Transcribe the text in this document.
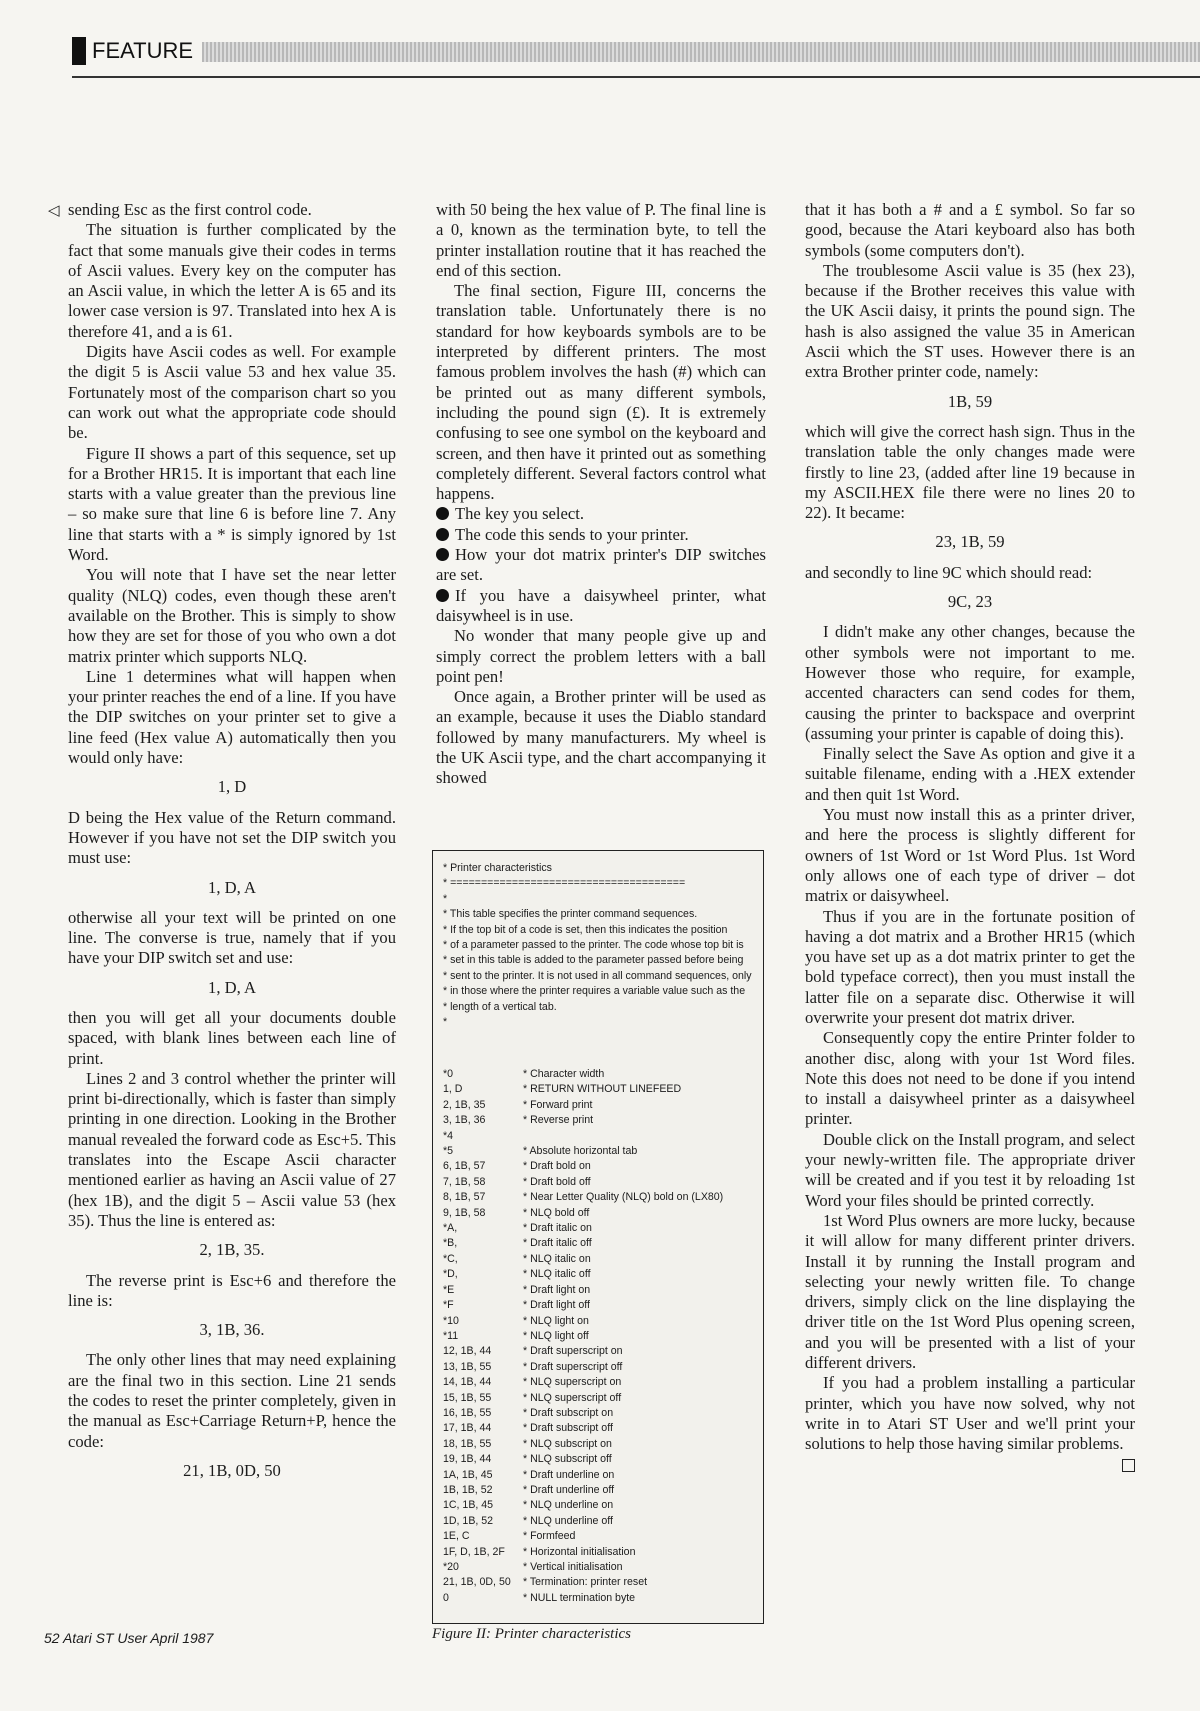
FEATURE

◁ sending Esc as the first control code.

The situation is further complicated by the fact that some manuals give their codes in terms of Ascii values. Every key on the computer has an Ascii value, in which the letter A is 65 and its lower case version is 97. Translated into hex A is therefore 41, and a is 61.

Digits have Ascii codes as well. For example the digit 5 is Ascii value 53 and hex value 35. Fortunately most of the comparison chart so you can work out what the appropriate code should be.

Figure II shows a part of this sequence, set up for a Brother HR15. It is important that each line starts with a value greater than the previous line – so make sure that line 6 is before line 7. Any line that starts with a * is simply ignored by 1st Word.

You will note that I have set the near letter quality (NLQ) codes, even though these aren't available on the Brother. This is simply to show how they are set for those of you who own a dot matrix printer which supports NLQ.

Line 1 determines what will happen when your printer reaches the end of a line. If you have the DIP switches on your printer set to give a line feed (Hex value A) automatically then you would only have:

1, D

D being the Hex value of the Return command. However if you have not set the DIP switch you must use:

1, D, A

otherwise all your text will be printed on one line. The converse is true, namely that if you have your DIP switch set and use:

1, D, A

then you will get all your documents double spaced, with blank lines between each line of print.

Lines 2 and 3 control whether the printer will print bi-directionally, which is faster than simply printing in one direction. Looking in the Brother manual revealed the forward code as Esc+5. This translates into the Escape Ascii character mentioned earlier as having an Ascii value of 27 (hex 1B), and the digit 5 – Ascii value 53 (hex 35). Thus the line is entered as:

2, 1B, 35.

The reverse print is Esc+6 and therefore the line is:

3, 1B, 36.

The only other lines that may need explaining are the final two in this section. Line 21 sends the codes to reset the printer completely, given in the manual as Esc+Carriage Return+P, hence the code:

21, 1B, 0D, 50

with 50 being the hex value of P. The final line is a 0, known as the termination byte, to tell the printer installation routine that it has reached the end of this section.

The final section, Figure III, concerns the translation table. Unfortunately there is no standard for how keyboards symbols are to be interpreted by different printers. The most famous problem involves the hash (#) which can be printed out as many different symbols, including the pound sign (£). It is extremely confusing to see one symbol on the keyboard and screen, and then have it printed out as something completely different. Several factors control what happens.

The key you select.

The code this sends to your printer.

How your dot matrix printer's DIP switches are set.

If you have a daisywheel printer, what daisywheel is in use.

No wonder that many people give up and simply correct the problem letters with a ball point pen!

Once again, a Brother printer will be used as an example, because it uses the Diablo standard followed by many manufacturers. My wheel is the UK Ascii type, and the chart accompanying it showed

that it has both a # and a £ symbol. So far so good, because the Atari keyboard also has both symbols (some computers don't).

The troublesome Ascii value is 35 (hex 23), because if the Brother receives this value with the UK Ascii daisy, it prints the pound sign. The hash is also assigned the value 35 in American Ascii which the ST uses. However there is an extra Brother printer code, namely:

1B, 59

which will give the correct hash sign. Thus in the translation table the only changes made were firstly to line 23, (added after line 19 because in my ASCII.HEX file there were no lines 20 to 22). It became:

23, 1B, 59

and secondly to line 9C which should read:

9C, 23

I didn't make any other changes, because the other symbols were not important to me. However those who require, for example, accented characters can send codes for them, causing the printer to backspace and overprint (assuming your printer is capable of doing this).

Finally select the Save As option and give it a suitable filename, ending with a .HEX extender and then quit 1st Word.

You must now install this as a printer driver, and here the process is slightly different for owners of 1st Word or 1st Word Plus. 1st Word only allows one of each type of driver – dot matrix or daisywheel.

Thus if you are in the fortunate position of having a dot matrix and a Brother HR15 (which you have set up as a dot matrix printer to get the bold typeface correct), then you must install the latter file on a separate disc. Otherwise it will overwrite your present dot matrix driver.

Consequently copy the entire Printer folder to another disc, along with your 1st Word files. Note this does not need to be done if you intend to install a daisywheel printer as a daisywheel printer.

Double click on the Install program, and select your newly-written file. The appropriate driver will be created and if you test it by reloading 1st Word your files should be printed correctly.

1st Word Plus owners are more lucky, because it will allow for many different printer drivers. Install it by running the Install program and selecting your newly written file. To change drivers, simply click on the line displaying the driver title on the 1st Word Plus opening screen, and you will be presented with a list of your different drivers.

If you had a problem installing a particular printer, which you have now solved, why not write in to Atari ST User and we'll print your solutions to help those having similar problems.

* Printer characteristics
* ======================================
*
* This table specifies the printer command sequences.
* If the top bit of a code is set, then this indicates the position
* of a parameter passed to the printer. The code whose top bit is
* set in this table is added to the parameter passed before being
* sent to the printer. It is not used in all command sequences, only
* in those where the printer requires a variable value such as the
* length of a vertical tab.
*
*0	* Character width
1, D	* RETURN WITHOUT LINEFEED
2, 1B, 35	* Forward print
3, 1B, 36	* Reverse print
*4
*5	* Absolute horizontal tab
6, 1B, 57	* Draft bold on
7, 1B, 58	* Draft bold off
8, 1B, 57	* Near Letter Quality (NLQ) bold on (LX80)
9, 1B, 58	* NLQ bold off
*A,	* Draft italic on
*B,	* Draft italic off
*C,	* NLQ italic on
*D,	* NLQ italic off
*E	* Draft light on
*F	* Draft light off
*10	* NLQ light on
*11	* NLQ light off
12, 1B, 44	* Draft superscript on
13, 1B, 55	* Draft superscript off
14, 1B, 44	* NLQ superscript on
15, 1B, 55	* NLQ superscript off
16, 1B, 55	* Draft subscript on
17, 1B, 44	* Draft subscript off
18, 1B, 55	* NLQ subscript on
19, 1B, 44	* NLQ subscript off
1A, 1B, 45	* Draft underline on
1B, 1B, 52	* Draft underline off
1C, 1B, 45	* NLQ underline on
1D, 1B, 52	* NLQ underline off
1E, C	* Formfeed
1F, D, 1B, 2F	* Horizontal initialisation
*20	* Vertical initialisation
21, 1B, 0D, 50	* Termination: printer reset
0	* NULL termination byte
Figure II: Printer characteristics
52 Atari ST User April 1987
